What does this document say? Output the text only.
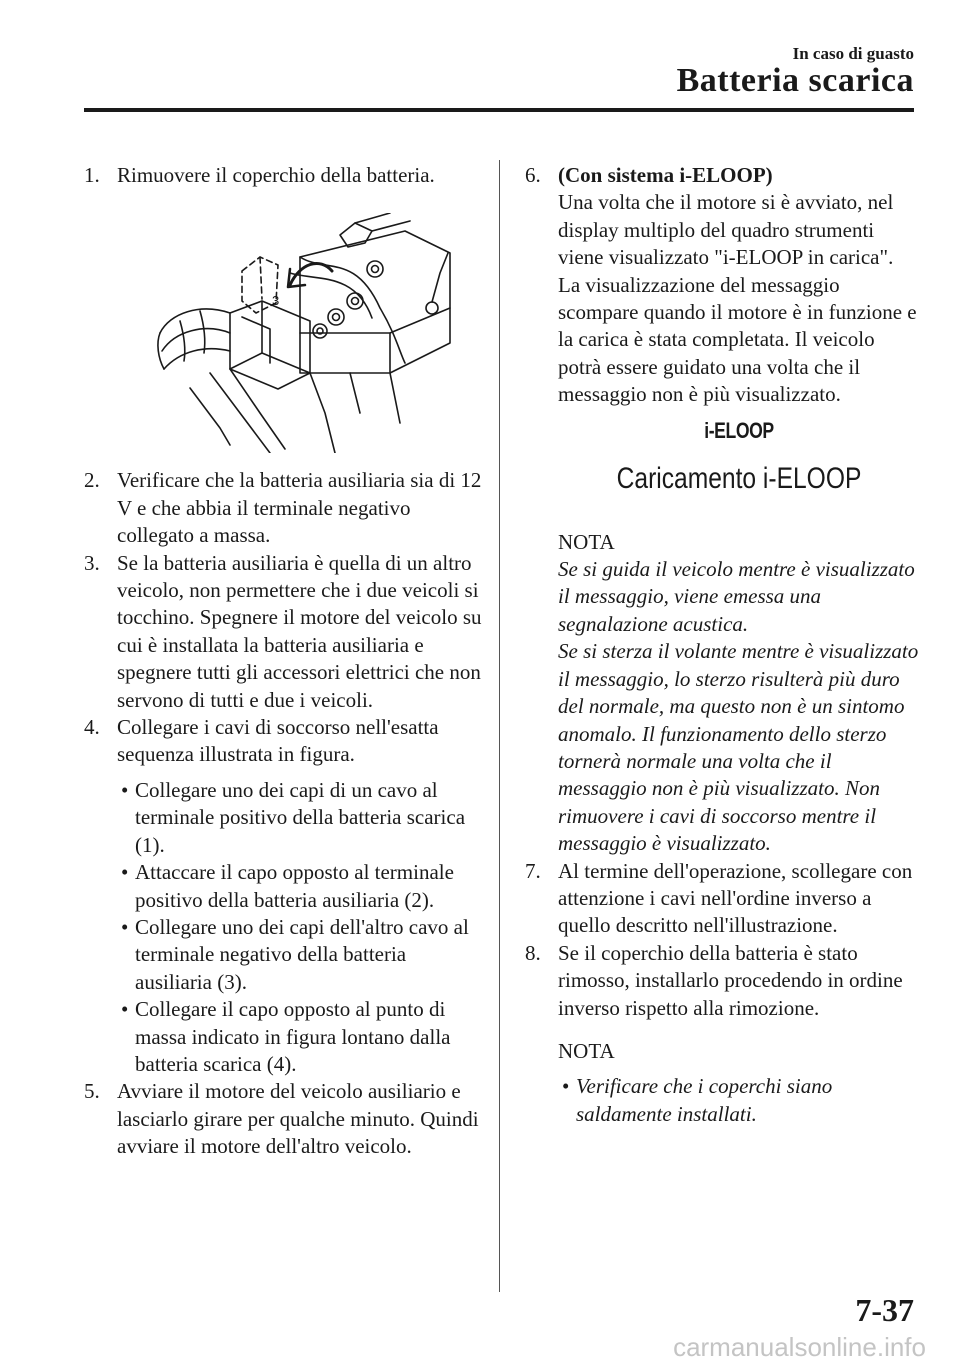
In caso di guasto
Batteria scarica
1. Rimuovere il coperchio della batteria.
3
2. Verificare che la batteria ausiliaria sia di 12 V e che abbia il terminale negativo collegato a massa.
3. Se la batteria ausiliaria è quella di un altro veicolo, non permettere che i due veicoli si tocchino. Spegnere il motore del veicolo su cui è installata la batteria ausiliaria e spegnere tutti gli accessori elettrici che non servono di tutti e due i veicoli.
4. Collegare i cavi di soccorso nell'esatta sequenza illustrata in figura.
• Collegare uno dei capi di un cavo al terminale positivo della batteria scarica (1).
• Attaccare il capo opposto al terminale positivo della batteria ausiliaria (2).
• Collegare uno dei capi dell'altro cavo al terminale negativo della batteria ausiliaria (3).
• Collegare il capo opposto al punto di massa indicato in figura lontano dalla batteria scarica (4).
5. Avviare il motore del veicolo ausiliario e lasciarlo girare per qualche minuto. Quindi avviare il motore dell'altro veicolo.
6. (Con sistema i-ELOOP)
Una volta che il motore si è avviato, nel display multiplo del quadro strumenti viene visualizzato "i-ELOOP in carica". La visualizzazione del messaggio scompare quando il motore è in funzione e la carica è stata completata. Il veicolo potrà essere guidato una volta che il messaggio non è più visualizzato.
i-ELOOP
Caricamento i-ELOOP
NOTA
Se si guida il veicolo mentre è visualizzato il messaggio, viene emessa una segnalazione acustica.
Se si sterza il volante mentre è visualizzato il messaggio, lo sterzo risulterà più duro del normale, ma questo non è un sintomo anomalo. Il funzionamento dello sterzo tornerà normale una volta che il messaggio non è più visualizzato. Non rimuovere i cavi di soccorso mentre il messaggio è visualizzato.
7. Al termine dell'operazione, scollegare con attenzione i cavi nell'ordine inverso a quello descritto nell'illustrazione.
8. Se il coperchio della batteria è stato rimosso, installarlo procedendo in ordine inverso rispetto alla rimozione.
NOTA
• Verificare che i coperchi siano saldamente installati.
7-37
carmanualsonline.info
